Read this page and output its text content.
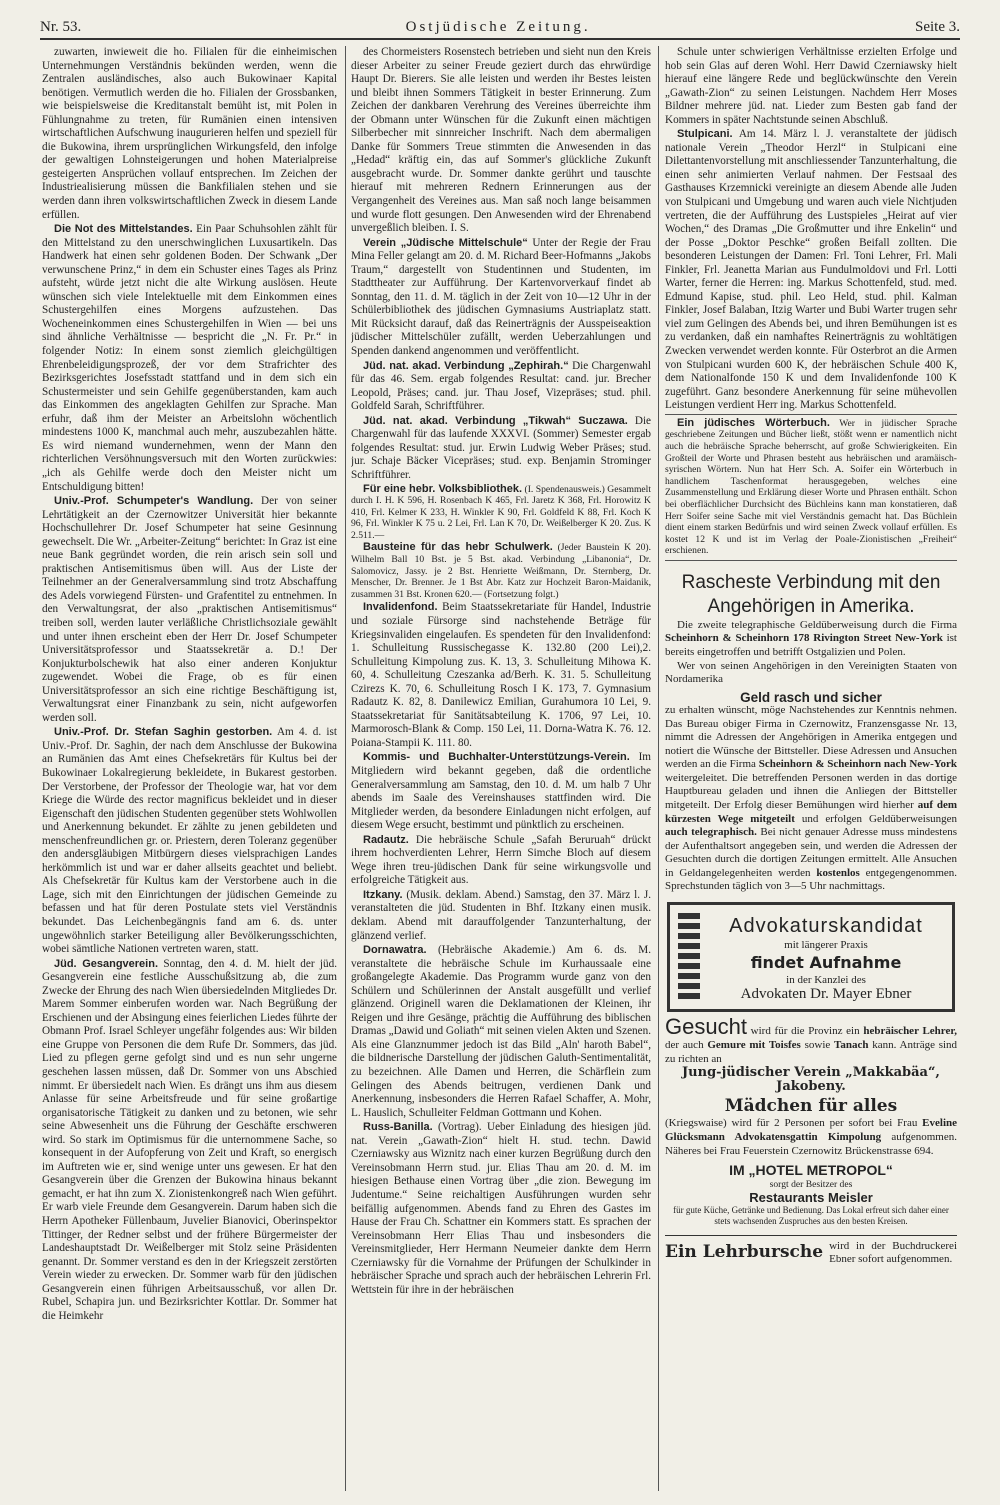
Nr. 53.	Ostjüdische Zeitung.	Seite 3.

zuwarten, inwieweit die ho. Filialen für die einheimischen Unternehmungen Verständnis bekünden werden, wenn die Zentralen ausländisches, also auch Bukowinaer Kapital benötigen. Vermutlich werden die ho. Filialen der Grossbanken, wie beispielsweise die Kreditanstalt bemüht ist, mit Polen in Fühlungnahme zu treten, für Rumänien einen intensiven wirtschaftlichen Aufschwung inaugurieren helfen und speziell für die Bukowina, ihrem ursprünglichen Wirkungsfeld, den infolge der gewaltigen Lohnsteigerungen und hohen Materialpreise gesteigerten Ansprüchen vollauf entsprechen. Im Zeichen der Industriealisierung müssen die Bankfilialen stehen und sie werden dann ihren volkswirtschaftlichen Zweck in diesem Lande erfüllen.

Die Not des Mittelstandes. Ein Paar Schuhsohlen zählt für den Mittelstand zu den unerschwinglichen Luxusartikeln. Das Handwerk hat einen sehr goldenen Boden. Der Schwank „Der verwunschene Prinz,“ in dem ein Schuster eines Tages als Prinz aufsteht, würde jetzt nicht die alte Wirkung auslösen. Heute wünschen sich viele Intelektuelle mit dem Einkommen eines Schustergehilfen eines Morgens aufzustehen. Das Wocheneinkommen eines Schustergehilfen in Wien — bei uns sind ähnliche Verhältnisse — bespricht die „N. Fr. Pr.“ in folgender Notiz: In einem sonst ziemlich gleichgültigen Ehrenbeleidigungsprozeß, der vor dem Strafrichter des Bezirksgerichtes Josefsstadt stattfand und in dem sich ein Schustermeister und sein Gehilfe gegenüberstanden, kam auch das Einkommen des angeklagten Gehilfen zur Sprache. Man erfuhr, daß ihm der Meister an Arbeitslohn wöchentlich mindestens 1000 K, manchmal auch mehr, auszubezahlen hätte. Es wird niemand wundernehmen, wenn der Mann den richterlichen Versöhnungsversuch mit den Worten zurückwies: „ich als Gehilfe werde doch den Meister nicht um Entschuldigung bitten!

Univ.-Prof. Schumpeter's Wandlung. Der von seiner Lehrtätigkeit an der Czernowitzer Universität hier bekannte Hochschullehrer Dr. Josef Schumpeter hat seine Gesinnung gewechselt. Die Wr. „Arbeiter-Zeitung“ berichtet: In Graz ist eine neue Bank gegründet worden, die rein arisch sein soll und praktischen Antisemitismus üben will. Aus der Liste der Teilnehmer an der Generalversammlung sind trotz Abschaffung des Adels vorwiegend Fürsten- und Grafentitel zu entnehmen. In den Verwaltungsrat, der also „praktischen Antisemitismus“ treiben soll, werden lauter verläßliche Christlichsoziale gewählt und unter ihnen erscheint eben der Herr Dr. Josef Schumpeter Universitätsprofessor und Staatssekretär a. D.! Der Konjukturbolschewik hat also einer anderen Konjuktur zugewendet. Wobei die Frage, ob es für einen Universitätsprofessor an sich eine richtige Beschäftigung ist, Verwaltungsrat einer Finanzbank zu sein, nicht aufgeworfen werden soll.

Univ.-Prof. Dr. Stefan Saghin gestorben. Am 4. d. ist Univ.-Prof. Dr. Saghin, der nach dem Anschlusse der Bukowina an Rumänien das Amt eines Chefsekretärs für Kultus bei der Bukowinaer Lokalregierung bekleidete, in Bukarest gestorben. Der Verstorbene, der Professor der Theologie war, hat vor dem Kriege die Würde des rector magnificus bekleidet und in dieser Eigenschaft den jüdischen Studenten gegenüber stets Wohlwollen und Anerkennung bekundet. Er zählte zu jenen gebildeten und menschenfreundlichen gr. or. Priestern, deren Toleranz gegenüber den andersgläubigen Mitbürgern dieses vielsprachigen Landes herkömmlich ist und war er daher allseits geachtet und beliebt. Als Chefsekretär für Kultus kam der Verstorbene auch in die Lage, sich mit den Einrichtungen der jüdischen Gemeinde zu befassen und hat für deren Postulate stets viel Verständnis bekundet. Das Leichenbegängnis fand am 6. ds. unter ungewöhnlich starker Beteiligung aller Bevölkerungsschichten, wobei sämtliche Nationen vertreten waren, statt.

Jüd. Gesangverein. Sonntag, den 4. d. M. hielt der jüd. Gesangverein eine festliche Ausschußsitzung ab, die zum Zwecke der Ehrung des nach Wien übersiedelnden Mitgliedes Dr. Marem Sommer einberufen worden war. Nach Begrüßung der Erschienen und der Absingung eines feierlichen Liedes führte der Obmann Prof. Israel Schleyer ungefähr folgendes aus: Wir bilden eine Gruppe von Personen die dem Rufe Dr. Sommers, das jüd. Lied zu pflegen gerne gefolgt sind und es nun sehr ungerne geschehen lassen müssen, daß Dr. Sommer von uns Abschied nimmt. Er übersiedelt nach Wien. Es drängt uns ihm aus diesem Anlasse für seine Arbeitsfreude und für seine großartige organisatorische Tätigkeit zu danken und zu betonen, wie sehr seine Abwesenheit uns die Führung der Geschäfte erschweren wird. So stark im Optimismus für die unternommene Sache, so konsequent in der Aufopferung von Zeit und Kraft, so energisch im Auftreten wie er, sind wenige unter uns gewesen. Er hat den Gesangverein über die Grenzen der Bukowina hinaus bekannt gemacht, er hat ihn zum X. Zionistenkongreß nach Wien geführt. Er warb viele Freunde dem Gesangverein. Darum haben sich die Herrn Apotheker Füllenbaum, Juvelier Bianovici, Oberinspektor Tittinger, der Redner selbst und der frühere Bürgermeister der Landeshauptstadt Dr. Weißelberger mit Stolz seine Präsidenten genannt. Dr. Sommer verstand es den in der Kriegszeit zerstörten Verein wieder zu erwecken. Dr. Sommer warb für den jüdischen Gesangverein einen führigen Arbeitsausschuß, vor allen Dr. Rubel, Schapira jun. und Bezirksrichter Kottlar. Dr. Sommer hat die Heimkehr

des Chormeisters Rosenstech betrieben und sieht nun den Kreis dieser Arbeiter zu seiner Freude geziert durch das ehrwürdige Haupt Dr. Bierers. Sie alle leisten und werden ihr Bestes leisten und bleibt ihnen Sommers Tätigkeit in bester Erinnerung. Zum Zeichen der dankbaren Verehrung des Vereines überreichte ihm der Obmann unter Wünschen für die Zukunft einen mächtigen Silberbecher mit sinnreicher Inschrift. Nach dem abermaligen Danke für Sommers Treue stimmten die Anwesenden in das „Hedad“ kräftig ein, das auf Sommer's glückliche Zukunft ausgebracht wurde. Dr. Sommer dankte gerührt und tauschte hierauf mit mehreren Rednern Erinnerungen aus der Vergangenheit des Vereines aus. Man saß noch lange beisammen und wurde flott gesungen. Den Anwesenden wird der Ehrenabend unvergeßlich bleiben. I. S.

Verein „Jüdische Mittelschule“ Unter der Regie der Frau Mina Feller gelangt am 20. d. M. Richard Beer-Hofmanns „Jakobs Traum,“ dargestellt von Studentinnen und Studenten, im Stadttheater zur Aufführung. Der Kartenvorverkauf findet ab Sonntag, den 11. d. M. täglich in der Zeit von 10—12 Uhr in der Schülerbibliothek des jüdischen Gymnasiums Austriaplatz statt. Mit Rücksicht darauf, daß das Reinerträgnis der Ausspeiseaktion jüdischer Mittelschüler zufällt, werden Ueberzahlungen und Spenden dankend angenommen und veröffentlicht.

Jüd. nat. akad. Verbindung „Zephirah.“ Die Chargenwahl für das 46. Sem. ergab folgendes Resultat: cand. jur. Brecher Leopold, Präses; cand. jur. Thau Josef, Vizepräses; stud. phil. Goldfeld Sarah, Schriftführer.

Jüd. nat. akad. Verbindung „Tikwah“ Suczawa. Die Chargenwahl für das laufende XXXVI. (Sommer) Semester ergab folgendes Resultat: stud. jur. Erwin Ludwig Weber Präses; stud. jur. Schaje Bäcker Vicepräses; stud. exp. Benjamin Strominger Schriftführer.

Für eine hebr. Volksbibliothek. (I. Spendenausweis.) Gesammelt durch I. H. K 596, H. Rosenbach K 465, Frl. Jaretz K 368, Frl. Horowitz K 410, Frl. Kelmer K 233, H. Winkler K 90, Frl. Goldfeld K 88, Frl. Koch K 96, Frl. Winkler K 75 u. 2 Lei, Frl. Lan K 70, Dr. Weißelberger K 20. Zus. K 2.511.—

Bausteine für das hebr Schulwerk. (Jeder Baustein K 20). Wilhelm Ball 10 Bst. je 5 Bst. akad. Verbindung „Libanonia“, Dr. Salomovicz, Jassy. je 2 Bst. Henriette Weißmann, Dr. Sternberg, Dr. Menscher, Dr. Brenner. Je 1 Bst Abr. Katz zur Hochzeit Baron-Maidanik, zusammen 31 Bst. Kronen 620.— (Fortsetzung folgt.)

Invalidenfond. Beim Staatssekretariate für Handel, Industrie und soziale Fürsorge sind nachstehende Beträge für Kriegsinvaliden eingelaufen. Es spendeten für den Invalidenfond: 1. Schulleitung Russischegasse K. 132.80 (200 Lei),2. Schulleitung Kimpolung zus. K. 13, 3. Schulleitung Mihowa K. 60, 4. Schulleitung Czeszanka ad/Berh. K. 31. 5. Schulleitung Czirezs K. 70, 6. Schulleitung Rosch I K. 173, 7. Gymnasium Radautz K. 82, 8. Danilewicz Emilian, Gurahumora 10 Lei, 9. Staatssekretariat für Sanitätsabteilung K. 1706, 97 Lei, 10. Marmorosch-Blank & Comp. 150 Lei, 11. Dorna-Watra K. 76. 12. Poiana-Stampii K. 111. 80.

Kommis- und Buchhalter-Unterstützungs-Verein. Im Mitgliedern wird bekannt gegeben, daß die ordentliche Generalversammlung am Samstag, den 10. d. M. um halb 7 Uhr abends im Saale des Vereinshauses stattfinden wird. Die Mitglieder werden, da besondere Einladungen nicht erfolgen, auf diesem Wege ersucht, bestimmt und pünktlich zu erscheinen.

Radautz. Die hebräische Schule „Safah Beruruah“ drückt ihrem hochverdienten Lehrer, Herrn Simche Bloch auf diesem Wege ihren treu-jüdischen Dank für seine wirkungsvolle und erfolgreiche Tätigkeit aus.

Itzkany. (Musik. deklam. Abend.) Samstag, den 37. März l. J. veranstalteten die jüd. Studenten in Bhf. Itzkany einen musik. deklam. Abend mit darauffolgender Tanzunterhaltung, der glänzend verlief.

Dornawatra. (Hebräische Akademie.) Am 6. ds. M. veranstaltete die hebräische Schule im Kurhaussaale eine großangelegte Akademie. Das Programm wurde ganz von den Schülern und Schülerinnen der Anstalt ausgefüllt und verlief glänzend. Originell waren die Deklamationen der Kleinen, ihr Reigen und ihre Gesänge, prächtig die Aufführung des biblischen Dramas „Dawid und Goliath“ mit seinen vielen Akten und Szenen. Als eine Glanznummer jedoch ist das Bild „Aln' haroth Babel“, die bildnerische Darstellung der jüdischen Galuth-Sentimentalität, zu bezeichnen. Alle Damen und Herren, die Schärflein zum Gelingen des Abends beitrugen, verdienen Dank und Anerkennung, insbesonders die Herren Rafael Schaffer, A. Mohr, L. Hauslich, Schulleiter Feldman Gottmann und Kohen.

Russ-Banilla. (Vortrag). Ueber Einladung des hiesigen jüd. nat. Verein „Gawath-Zion“ hielt H. stud. techn. Dawid Czerniawsky aus Wiznitz nach einer kurzen Begrüßung durch den Vereinsobmann Herrn stud. jur. Elias Thau am 20. d. M. im hiesigen Bethause einen Vortrag über „die zion. Bewegung im Judentume.“ Seine reichaltigen Ausführungen wurden sehr beifällig aufgenommen. Abends fand zu Ehren des Gastes im Hause der Frau Ch. Schattner ein Kommers statt. Es sprachen der Vereinsobmann Herr Elias Thau und insbesonders die Vereinsmitglieder, Herr Hermann Neumeier dankte dem Herrn Czerniawsky für die Vornahme der Prüfungen der Schulkinder in hebräischer Sprache und sprach auch der hebräischen Lehrerin Frl. Wettstein für ihre in der hebräischen

Schule unter schwierigen Verhältnisse erzielten Erfolge und hob sein Glas auf deren Wohl. Herr Dawid Czerniawsky hielt hierauf eine längere Rede und beglückwünschte den Verein „Gawath-Zion“ zu seinen Leistungen. Nachdem Herr Moses Bildner mehrere jüd. nat. Lieder zum Besten gab fand der Kommers in später Nachtstunde seinen Abschluß.

Stulpicani. Am 14. März l. J. veranstaltete der jüdisch nationale Verein „Theodor Herzl“ in Stulpicani eine Dilettantenvorstellung mit anschliessender Tanzunterhaltung, die einen sehr animierten Verlauf nahmen. Der Festsaal des Gasthauses Krzemnicki vereinigte an diesem Abende alle Juden von Stulpicani und Umgebung und waren auch viele Nichtjuden vertreten, die der Aufführung des Lustspieles „Heirat auf vier Wochen,“ des Dramas „Die Großmutter und ihre Enkelin“ und der Posse „Doktor Peschke“ großen Beifall zollten. Die besonderen Leistungen der Damen: Frl. Toni Lehrer, Frl. Mali Finkler, Frl. Jeanetta Marian aus Fundulmoldovi und Frl. Lotti Warter, ferner die Herren: ing. Markus Schottenfeld, stud. med. Edmund Kapise, stud. phil. Leo Held, stud. phil. Kalman Finkler, Josef Balaban, Itzig Warter und Bubi Warter trugen sehr viel zum Gelingen des Abends bei, und ihren Bemühungen ist es zu verdanken, daß ein namhaftes Reinerträgnis zu wohltätigen Zwecken verwendet werden konnte. Für Osterbrot an die Armen von Stulpicani wurden 600 K, der hebräischen Schule 400 K, dem Nationalfonde 150 K und dem Invalidenfonde 100 K zugeführt. Ganz besondere Anerkennung für seine mühevollen Leistungen verdient Herr ing. Markus Schottenfeld.

Ein jüdisches Wörterbuch. Wer in jüdischer Sprache geschriebene Zeitungen und Bücher ließt, stößt wenn er namentlich nicht auch die hebräische Sprache beherrscht, auf große Schwierigkeiten. Ein Großteil der Worte und Phrasen besteht aus hebräischen und aramäisch-syrischen Wörtern. Nun hat Herr Sch. A. Soifer ein Wörterbuch in handlichem Taschenformat herausgegeben, welches eine Zusammenstellung und Erklärung dieser Worte und Phrasen enthält. Schon bei oberflächlicher Durchsicht des Büchleins kann man konstatieren, daß Herr Soifer seine Sache mit viel Verständnis gemacht hat. Das Büchlein dient einem starken Bedürfnis und wird seinen Zweck vollauf erfüllen. Es kostet 12 K und ist im Verlag der Poale-Zionistischen „Freiheit“ erschienen.

Rascheste Verbindung mit den Angehörigen in Amerika.
Die zweite telegraphische Geldüberweisung durch die Firma Scheinhorn & Scheinhorn 178 Rivington Street New-York ist bereits eingetroffen und betrifft Ostgalizien und Polen.
Wer von seinen Angehörigen in den Vereinigten Staaten von Nordamerika
Geld rasch und sicher
zu erhalten wünscht, möge Nachstehendes zur Kenntnis nehmen. Das Bureau obiger Firma in Czernowitz, Franzensgasse Nr. 13, nimmt die Adressen der Angehörigen in Amerika entgegen und notiert die Wünsche der Bittsteller. Diese Adressen und Ansuchen werden an die Firma Scheinhorn & Scheinhorn nach New-York weitergeleitet. Die betreffenden Personen werden in das dortige Hauptbureau geladen und ihnen die Anliegen der Bittsteller mitgeteilt. Der Erfolg dieser Bemühungen wird hierher auf dem kürzesten Wege mitgeteilt und erfolgen Geldüberweisungen auch telegraphisch. Bei nicht genauer Adresse muss mindestens der Aufenthaltsort angegeben sein, und werden die Adressen der Gesuchten durch die dortigen Zeitungen ermittelt. Alle Ansuchen in Geldangelegenheiten werden kostenlos entgegengenommen. Sprechstunden täglich von 3—5 Uhr nachmittags.
Advokaturskandidat
mit längerer Praxis
findet Aufnahme
in der Kanzlei des
Advokaten Dr. Mayer Ebner
Gesucht wird für die Provinz ein hebräischer Lehrer, der auch Gemure mit Toisfes sowie Tanach kann. Anträge sind zu richten an
Jung-jüdischer Verein „Makkabäa“, Jakobeny.
Mädchen für alles
(Kriegswaise) wird für 2 Personen per sofort bei Frau Eveline Glücksmann Advokatensgattin Kimpolung aufgenommen. Näheres bei Frau Feuerstein Czernowitz Brückenstrasse 694.
IM „HOTEL METROPOL“
sorgt der Besitzer des
Restaurants Meisler
für gute Küche, Getränke und Bedienung. Das Lokal erfreut sich daher einer stets wachsenden Zuspruches aus den besten Kreisen.
Ein Lehrbursche wird in der Buchdruckerei Ebner sofort aufgenommen.
